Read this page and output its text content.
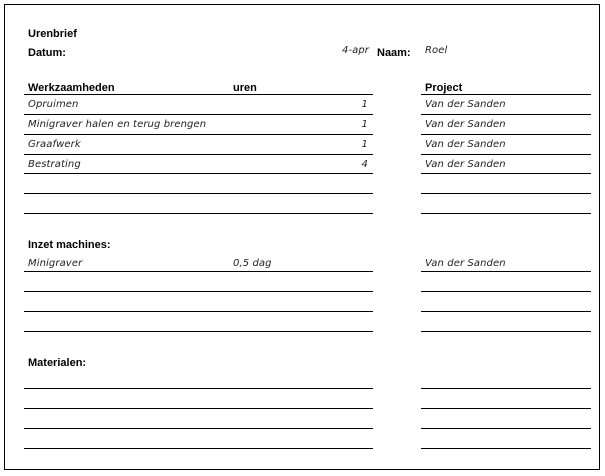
Urenbrief
Datum:	4-apr Naam: Roel
Werkzaamheden	uren	Project
Opruimen	1	Van der Sanden
Minigraver halen en terug brengen	1	Van der Sanden
Graafwerk	1	Van der Sanden
Bestrating	4	Van der Sanden
Inzet machines:
Minigraver	0,5 dag	Van der Sanden
Materialen:
